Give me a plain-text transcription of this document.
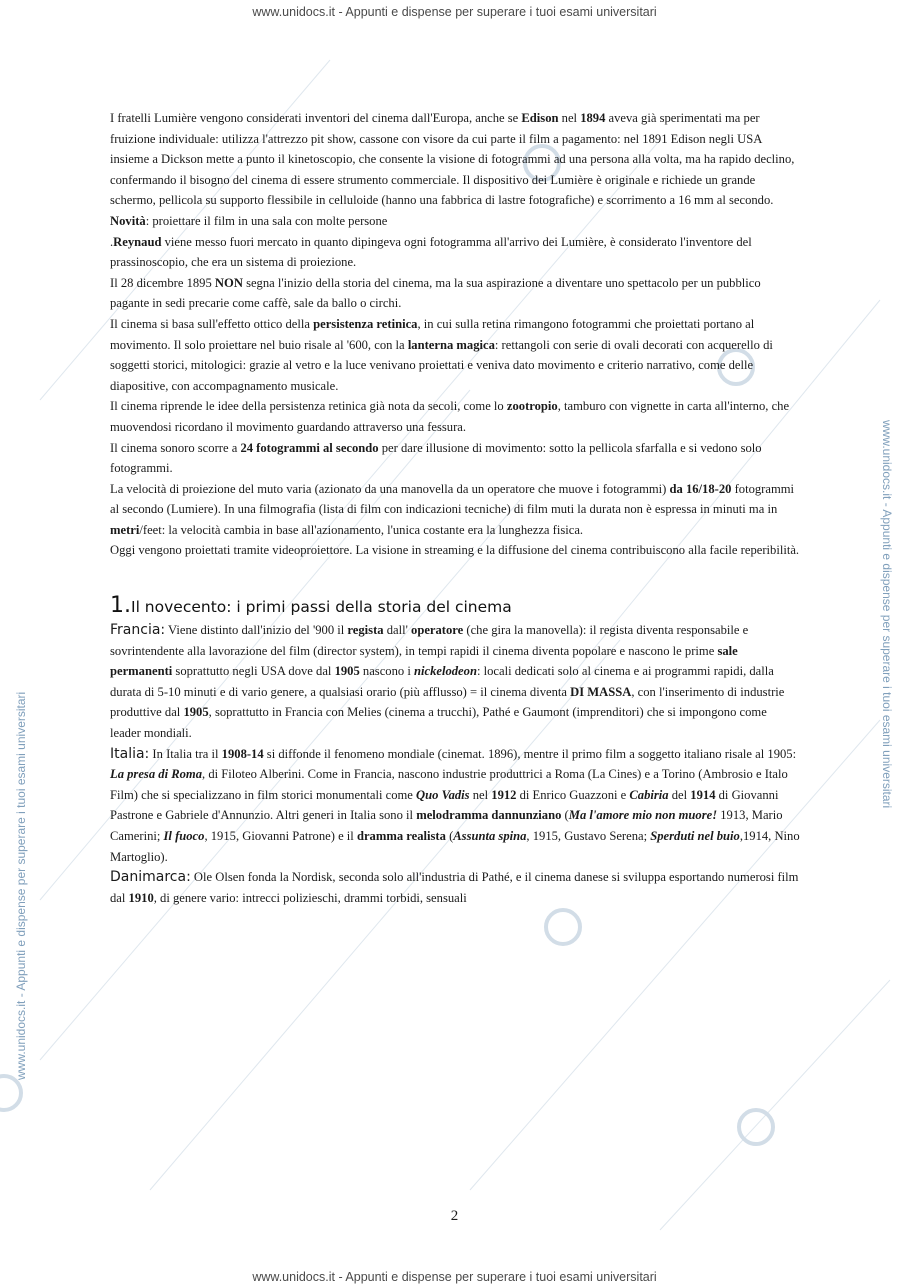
www.unidocs.it - Appunti e dispense per superare i tuoi esami universitari
www.unidocs.it - Appunti e dispense per superare i tuoi esami universitari
www.unidocs.it - Appunti e dispense per superare i tuoi esami universitari
www.unidocs.it - Appunti e dispense per superare i tuoi esami universitari

I fratelli Lumière vengono considerati inventori del cinema dall'Europa, anche se Edison nel 1894 aveva già sperimentati ma per fruizione individuale: utilizza l'attrezzo pit show, cassone con visore da cui parte il film a pagamento: nel 1891 Edison negli USA insieme a Dickson mette a punto il kinetoscopio, che consente la visione di fotogrammi ad una persona alla volta, ma ha rapido declino, confermando il bisogno del cinema di essere strumento commerciale. Il dispositivo dei Lumière è originale e richiede un grande schermo, pellicola su supporto flessibile in celluloide (hanno una fabbrica di lastre fotografiche) e scorrimento a 16 mm al secondo. Novità: proiettare il film in una sala con molte persone

.Reynaud viene messo fuori mercato in quanto dipingeva ogni fotogramma all'arrivo dei Lumière, è considerato l'inventore del prassinoscopio, che era un sistema di proiezione.

Il 28 dicembre 1895 NON segna l'inizio della storia del cinema, ma la sua aspirazione a diventare uno spettacolo per un pubblico pagante in sedi precarie come caffè, sale da ballo o circhi.

Il cinema si basa sull'effetto ottico della persistenza retinica, in cui sulla retina rimangono fotogrammi che proiettati portano al movimento. Il solo proiettare nel buio risale al '600, con la lanterna magica: rettangoli con serie di ovali decorati con acquerello di soggetti storici, mitologici: grazie al vetro e la luce venivano proiettati e veniva dato movimento e criterio narrativo, come delle diapositive, con accompagnamento musicale.

Il cinema riprende le idee della persistenza retinica già nota da secoli, come lo zootropio, tamburo con vignette in carta all'interno, che muovendosi ricordano il movimento guardando attraverso una fessura.

Il cinema sonoro scorre a 24 fotogrammi al secondo per dare illusione di movimento: sotto la pellicola sfarfalla e si vedono solo fotogrammi.

La velocità di proiezione del muto varia (azionato da una manovella da un operatore che muove i fotogrammi) da 16/18-20 fotogrammi al secondo (Lumiere). In una filmografia (lista di film con indicazioni tecniche) di film muti la durata non è espressa in minuti ma in metri/feet: la velocità cambia in base all'azionamento, l'unica costante era la lunghezza fisica.

Oggi vengono proiettati tramite videoproiettore. La visione in streaming e la diffusione del cinema contribuiscono alla facile reperibilità.

1.Il novecento: i primi passi della storia del cinema

Francia: Viene distinto dall'inizio del '900 il regista dall' operatore (che gira la manovella): il regista diventa responsabile e sovrintendente alla lavorazione del film (director system), in tempi rapidi il cinema diventa popolare e nascono le prime sale permanenti soprattutto negli USA dove dal 1905 nascono i nickelodeon: locali dedicati solo al cinema e ai programmi rapidi, dalla durata di 5-10 minuti e di vario genere, a qualsiasi orario (più afflusso) = il cinema diventa DI MASSA, con l'inserimento di industrie produttive dal 1905, soprattutto in Francia con Melies (cinema a trucchi), Pathé e Gaumont (imprenditori) che si impongono come leader mondiali.

Italia: In Italia tra il 1908-14 si diffonde il fenomeno mondiale (cinemat. 1896), mentre il primo film a soggetto italiano risale al 1905: La presa di Roma, di Filoteo Alberini. Come in Francia, nascono industrie produttrici a Roma (La Cines) e a Torino (Ambrosio e Italo Film) che si specializzano in film storici monumentali come Quo Vadis nel 1912 di Enrico Guazzoni e Cabiria del 1914 di Giovanni Pastrone e Gabriele d'Annunzio. Altri generi in Italia sono il melodramma dannunziano (Ma l'amore mio non muore! 1913, Mario Camerini; Il fuoco, 1915, Giovanni Patrone) e il dramma realista (Assunta spina, 1915, Gustavo Serena; Sperduti nel buio,1914, Nino Martoglio).

Danimarca: Ole Olsen fonda la Nordisk, seconda solo all'industria di Pathé, e il cinema danese si sviluppa esportando numerosi film dal 1910, di genere vario: intrecci polizieschi, drammi torbidi, sensuali

2
